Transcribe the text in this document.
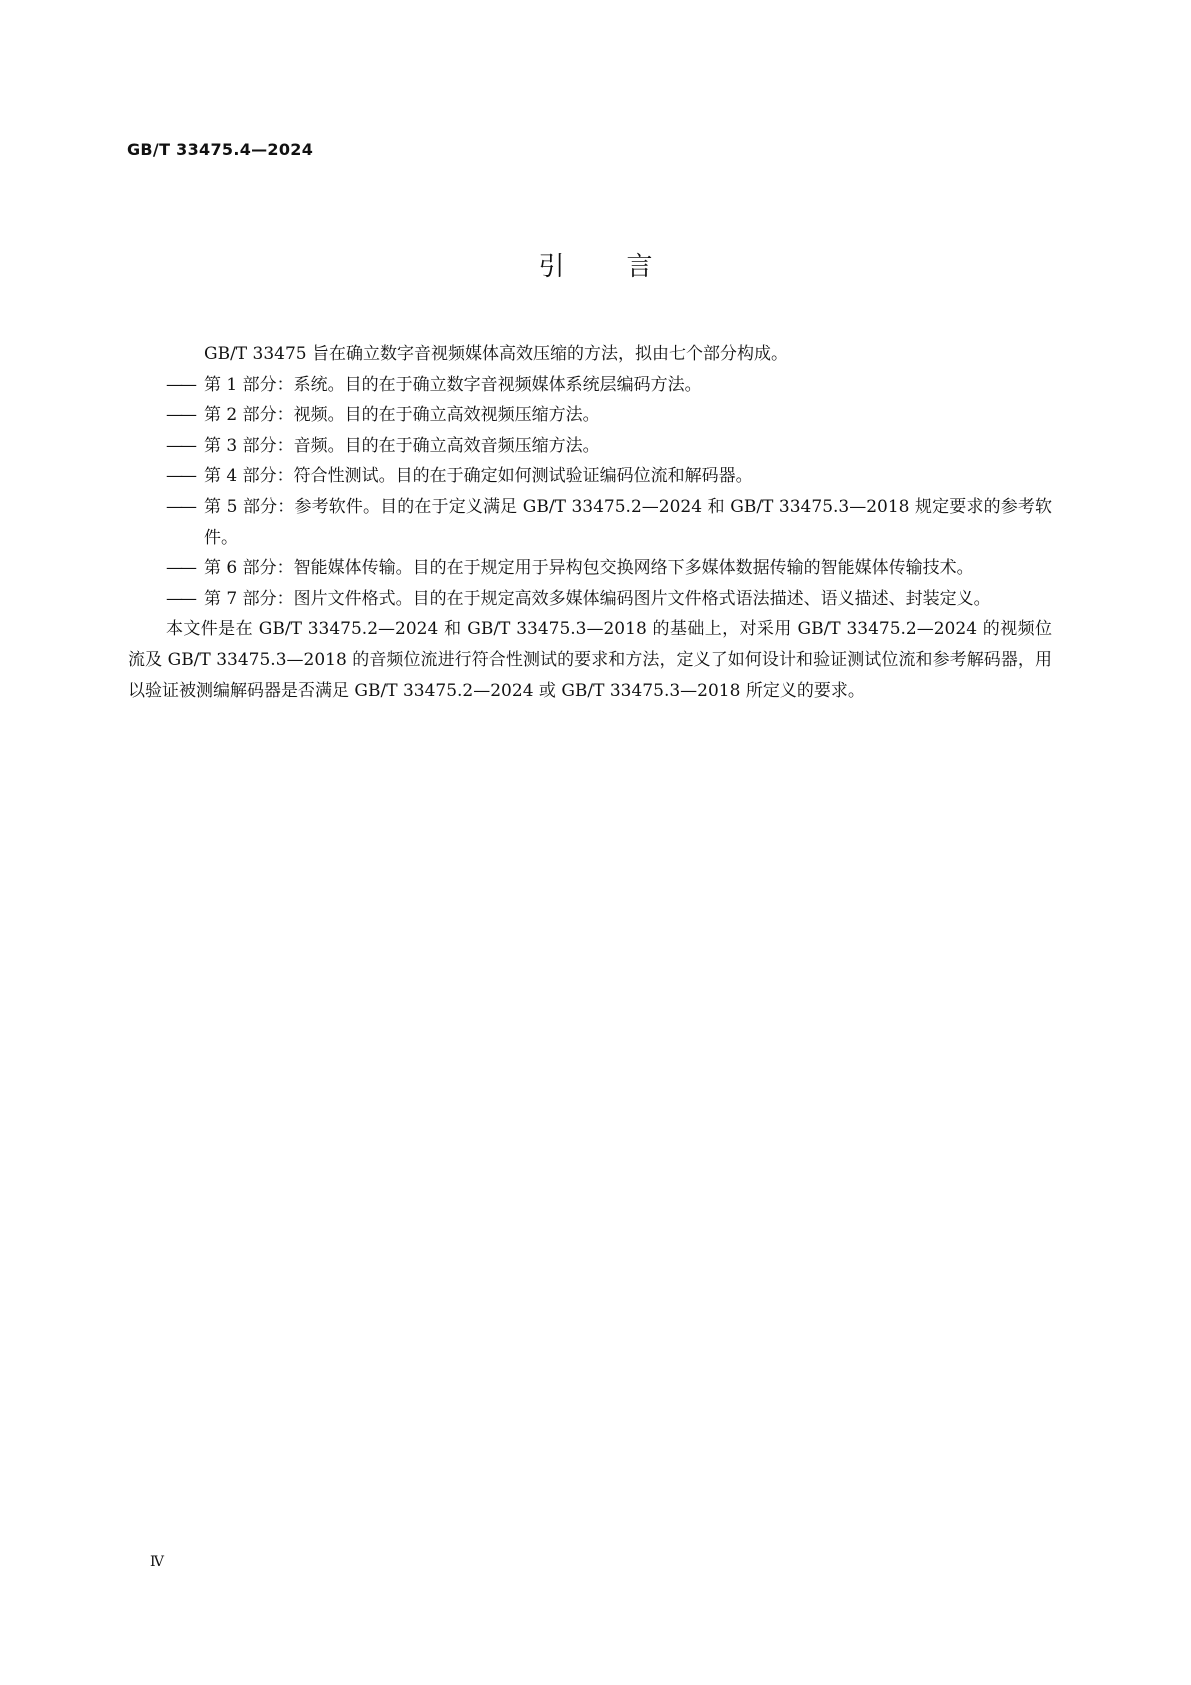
GB/T 33475.4—2024
引言

GB/T 33475 旨在确立数字音视频媒体高效压缩的方法，拟由七个部分构成。

—— 第 1 部分：系统。目的在于确立数字音视频媒体系统层编码方法。
—— 第 2 部分：视频。目的在于确立高效视频压缩方法。
—— 第 3 部分：音频。目的在于确立高效音频压缩方法。
—— 第 4 部分：符合性测试。目的在于确定如何测试验证编码位流和解码器。
—— 第 5 部分：参考软件。目的在于定义满足 GB/T 33475.2—2024 和 GB/T 33475.3—2018 规定要求的参考软件。
—— 第 6 部分：智能媒体传输。目的在于规定用于异构包交换网络下多媒体数据传输的智能媒体传输技术。
—— 第 7 部分：图片文件格式。目的在于规定高效多媒体编码图片文件格式语法描述、语义描述、封装定义。

本文件是在 GB/T 33475.2—2024 和 GB/T 33475.3—2018 的基础上，对采用 GB/T 33475.2—2024 的视频位流及 GB/T 33475.3—2018 的音频位流进行符合性测试的要求和方法，定义了如何设计和验证测试位流和参考解码器，用以验证被测编解码器是否满足 GB/T 33475.2—2024 或 GB/T 33475.3—2018 所定义的要求。

Ⅳ
